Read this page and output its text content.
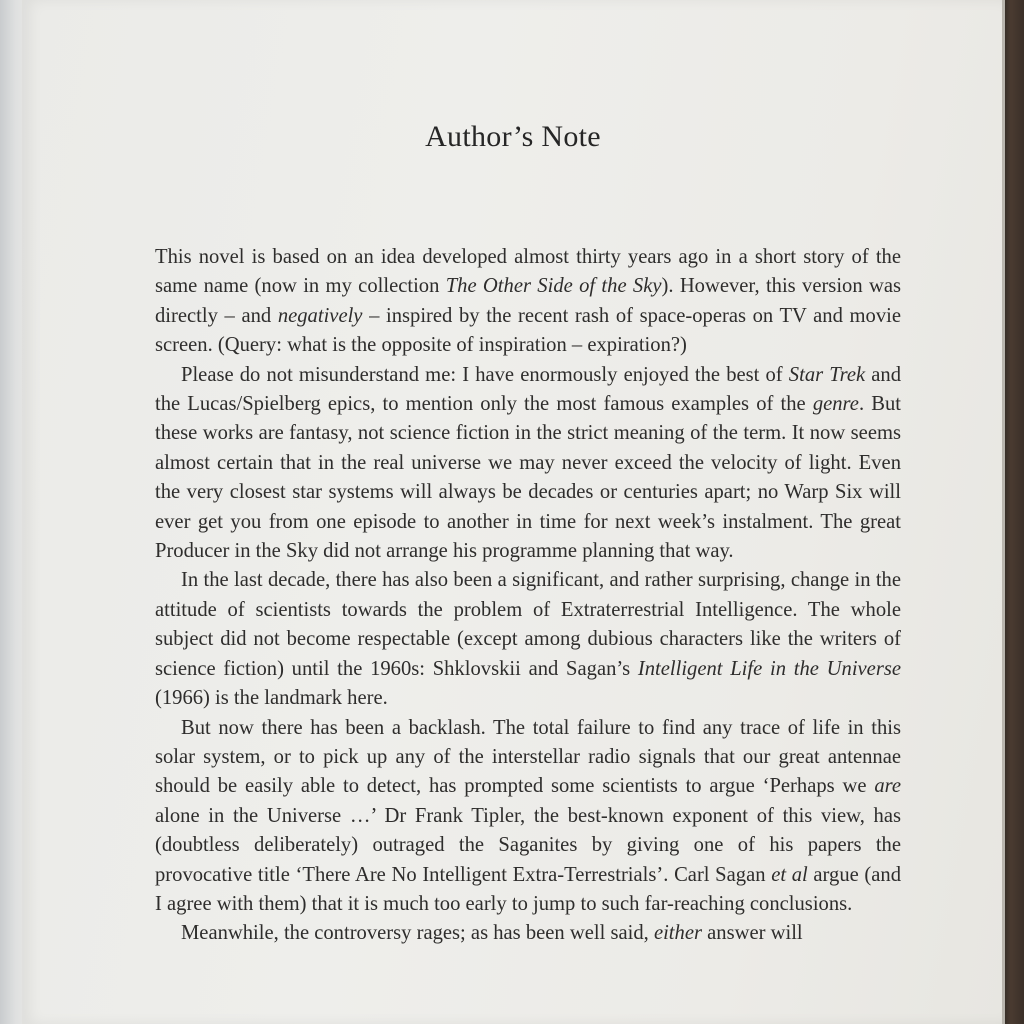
Author’s Note

This novel is based on an idea developed almost thirty years ago in a short story of the same name (now in my collection The Other Side of the Sky). However, this version was directly – and negatively – inspired by the recent rash of space-operas on TV and movie screen. (Query: what is the opposite of inspiration – expiration?)

Please do not misunderstand me: I have enormously enjoyed the best of Star Trek and the Lucas/Spielberg epics, to mention only the most famous examples of the genre. But these works are fantasy, not science fiction in the strict meaning of the term. It now seems almost certain that in the real universe we may never exceed the velocity of light. Even the very closest star systems will always be decades or centuries apart; no Warp Six will ever get you from one episode to another in time for next week’s instalment. The great Producer in the Sky did not arrange his programme planning that way.

In the last decade, there has also been a significant, and rather surprising, change in the attitude of scientists towards the problem of Extraterrestrial Intelligence. The whole subject did not become respectable (except among dubious characters like the writers of science fiction) until the 1960s: Shklovskii and Sagan’s Intelligent Life in the Universe (1966) is the landmark here.

But now there has been a backlash. The total failure to find any trace of life in this solar system, or to pick up any of the interstellar radio signals that our great antennae should be easily able to detect, has prompted some scientists to argue ‘Perhaps we are alone in the Universe …’ Dr Frank Tipler, the best-known exponent of this view, has (doubtless deliberately) outraged the Saganites by giving one of his papers the provocative title ‘There Are No Intelligent Extra-Terrestrials’. Carl Sagan et al argue (and I agree with them) that it is much too early to jump to such far-reaching conclusions.

Meanwhile, the controversy rages; as has been well said, either answer will
